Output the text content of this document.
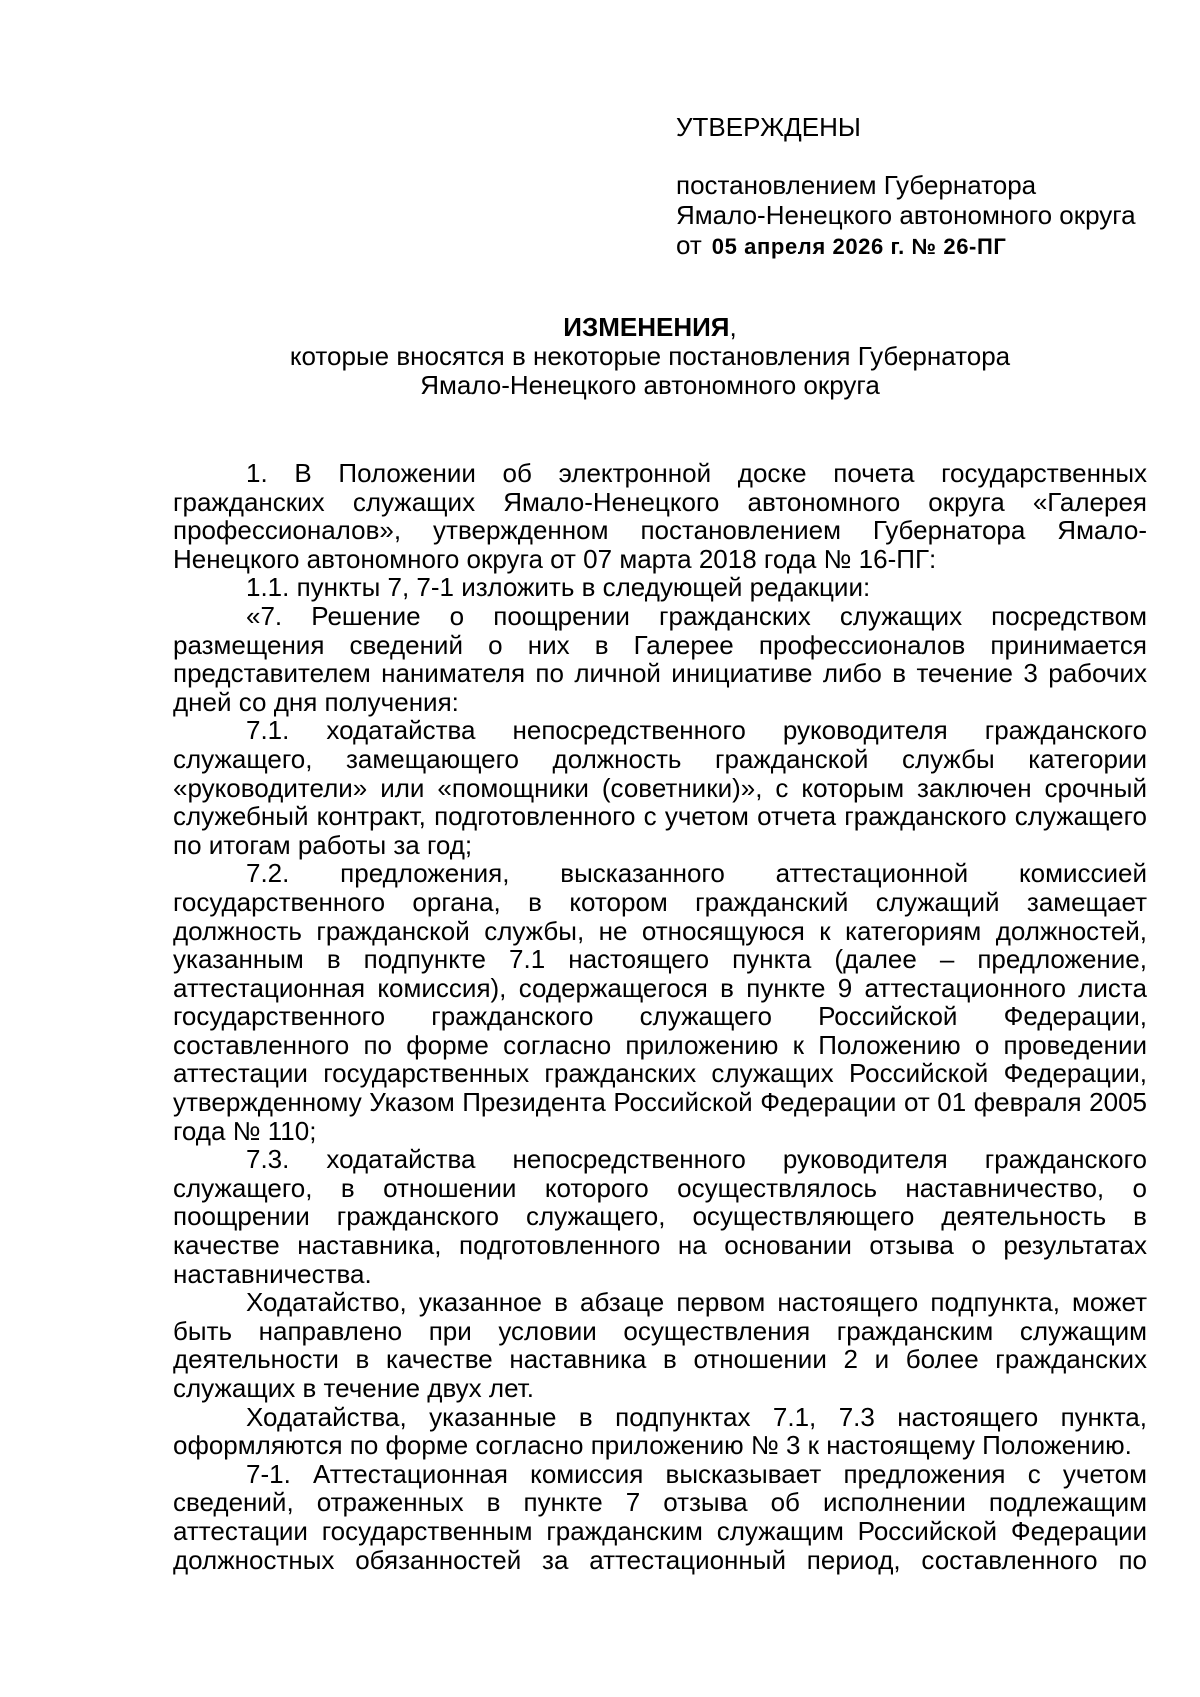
УТВЕРЖДЕНЫ
постановлением Губернатора
Ямало-Ненецкого автономного округа
от 05 апреля 2026 г. № 26-ПГ
ИЗМЕНЕНИЯ,
которые вносятся в некоторые постановления Губернатора
Ямало-Ненецкого автономного округа

1. В Положении об электронной доске почета государственных гражданских служащих Ямало-Ненецкого автономного округа «Галерея профессионалов», утвержденном постановлением Губернатора Ямало-Ненецкого автономного округа от 07 марта 2018 года № 16-ПГ:

1.1. пункты 7, 7-1 изложить в следующей редакции:

«7. Решение о поощрении гражданских служащих посредством размещения сведений о них в Галерее профессионалов принимается представителем нанимателя по личной инициативе либо в течение 3 рабочих дней со дня получения:

7.1. ходатайства непосредственного руководителя гражданского служащего, замещающего должность гражданской службы категории «руководители» или «помощники (советники)», с которым заключен срочный служебный контракт, подготовленного с учетом отчета гражданского служащего по итогам работы за год;

7.2. предложения, высказанного аттестационной комиссией государственного органа, в котором гражданский служащий замещает должность гражданской службы, не относящуюся к категориям должностей, указанным в подпункте 7.1 настоящего пункта (далее – предложение, аттестационная комиссия), содержащегося в пункте 9 аттестационного листа государственного гражданского служащего Российской Федерации, составленного по форме согласно приложению к Положению о проведении аттестации государственных гражданских служащих Российской Федерации, утвержденному Указом Президента Российской Федерации от 01 февраля 2005 года № 110;

7.3. ходатайства непосредственного руководителя гражданского служащего, в отношении которого осуществлялось наставничество, о поощрении гражданского служащего, осуществляющего деятельность в качестве наставника, подготовленного на основании отзыва о результатах наставничества.

Ходатайство, указанное в абзаце первом настоящего подпункта, может быть направлено при условии осуществления гражданским служащим деятельности в качестве наставника в отношении 2 и более гражданских служащих в течение двух лет.

Ходатайства, указанные в подпунктах 7.1, 7.3 настоящего пункта, оформляются по форме согласно приложению № 3 к настоящему Положению.

7-1. Аттестационная комиссия высказывает предложения с учетом сведений, отраженных в пункте 7 отзыва об исполнении подлежащим аттестации государственным гражданским служащим Российской Федерации должностных обязанностей за аттестационный период, составленного по
